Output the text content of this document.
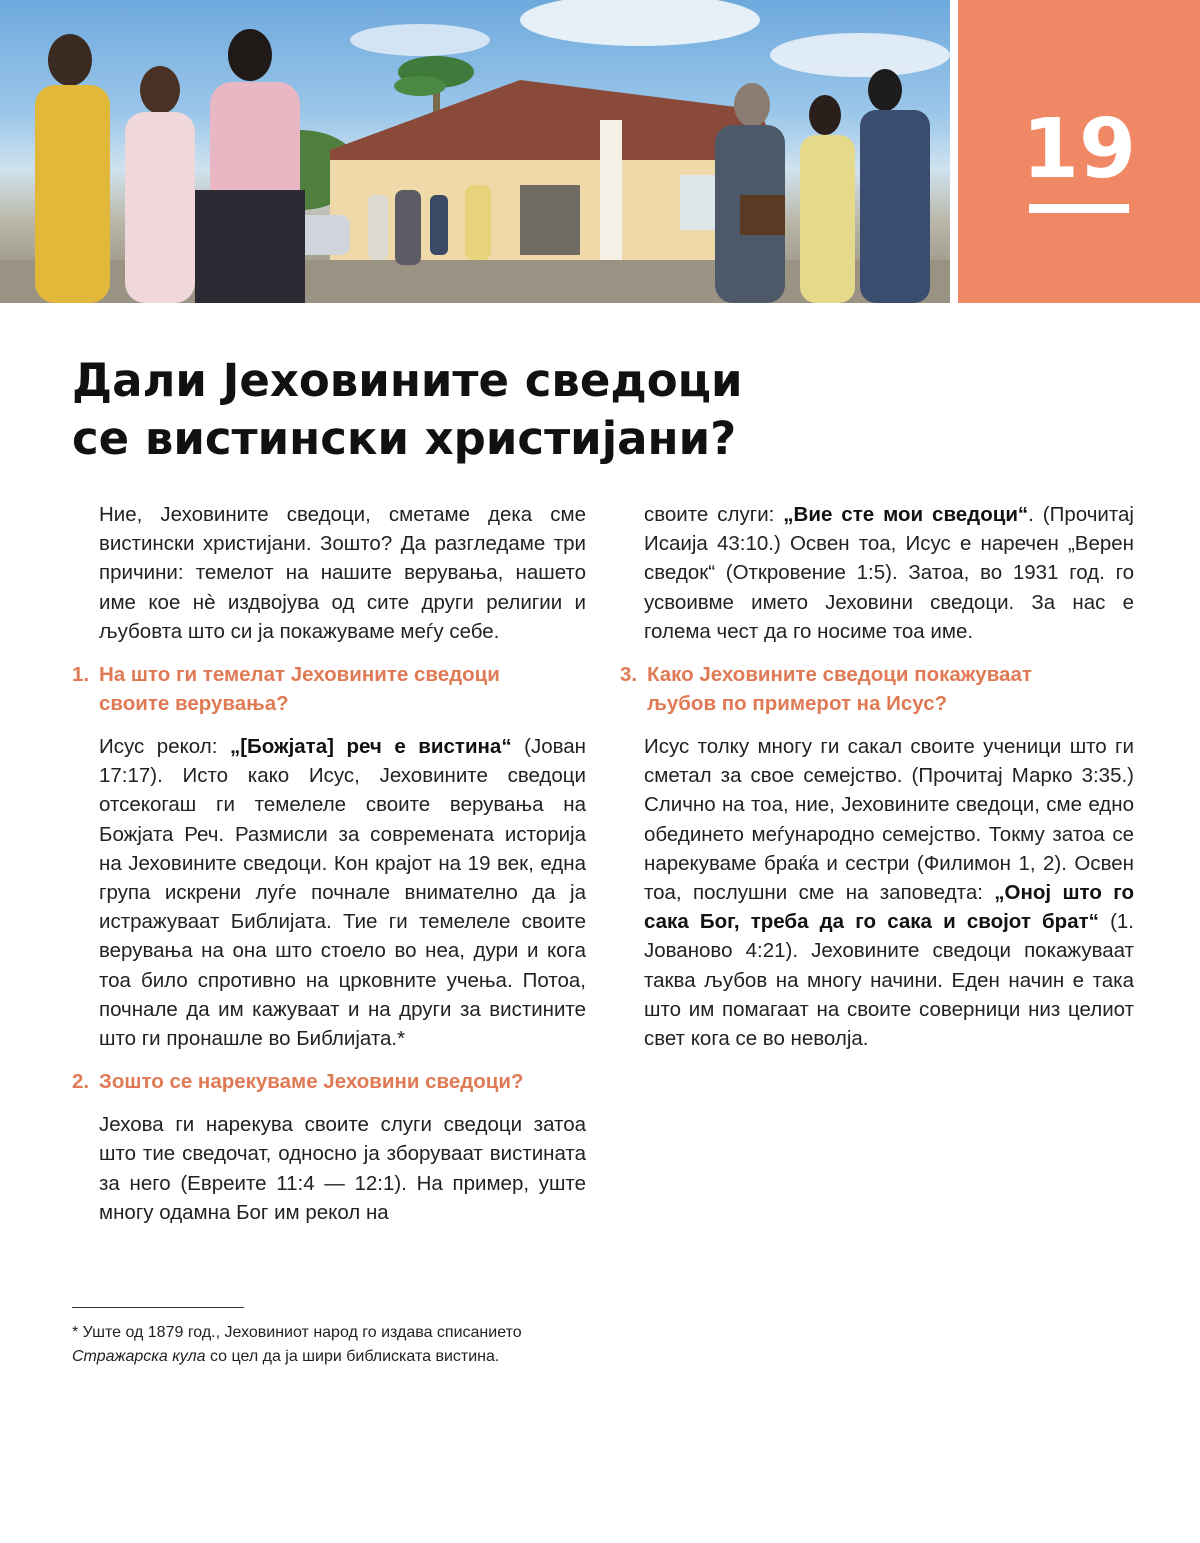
19
Дали Јеховините сведоци
се вистински христијани?

Ние, Јеховините сведоци, сметаме дека сме вистински христијани. Зошто? Да разгледаме три причини: темелот на нашите верувања, нашето име кое нè издвојува од сите други религии и љубовта што си ја покажуваме меѓу себе.

1. На што ги темелат Јеховините сведоци
своите верувања?

Исус рекол: „[Божјата] реч е вистина“ (Јован 17:17). Исто како Исус, Јеховините сведоци отсекогаш ги темелеле своите верувања на Божјата Реч. Размисли за современата историја на Јеховините сведоци. Кон крајот на 19 век, една група искрени луѓе почнале внимателно да ја истражуваат Библијата. Тие ги темелеле своите верувања на она што стоело во неа, дури и кога тоа било спротивно на црковните учења. Потоа, почнале да им кажуваат и на други за вистините што ги пронашле во Библијата.*

2. Зошто се нарекуваме Јеховини сведоци?

Јехова ги нарекува своите слуги сведоци затоа што тие сведочат, односно ја зборуваат вистината за него (Евреите 11:4 — 12:1). На пример, уште многу одамна Бог им рекол на

своите слуги: „Вие сте мои сведоци“. (Прочитај Исаија 43:10.) Освен тоа, Исус е наречен „Верен сведок“ (Откровение 1:5). Затоа, во 1931 год. го усвоивме името Јеховини сведоци. За нас е голема чест да го носиме тоа име.

3. Како Јеховините сведоци покажуваат
љубов по примерот на Исус?

Исус толку многу ги сакал своите ученици што ги сметал за свое семејство. (Прочитај Марко 3:35.) Слично на тоа, ние, Јеховините сведоци, сме едно обединето меѓународно семејство. Токму затоа се нарекуваме браќа и сестри (Филимон 1, 2). Освен тоа, послушни сме на заповедта: „Оној што го сака Бог, треба да го сака и својот брат“ (1. Јованово 4:21). Јеховините сведоци покажуваат таква љубов на многу начини. Еден начин е така што им помагаат на своите соверници низ целиот свет кога се во неволја.

* Уште од 1879 год., Јеховиниот народ го издава списанието Стражарска кула со цел да ја шири библиската вистина.
